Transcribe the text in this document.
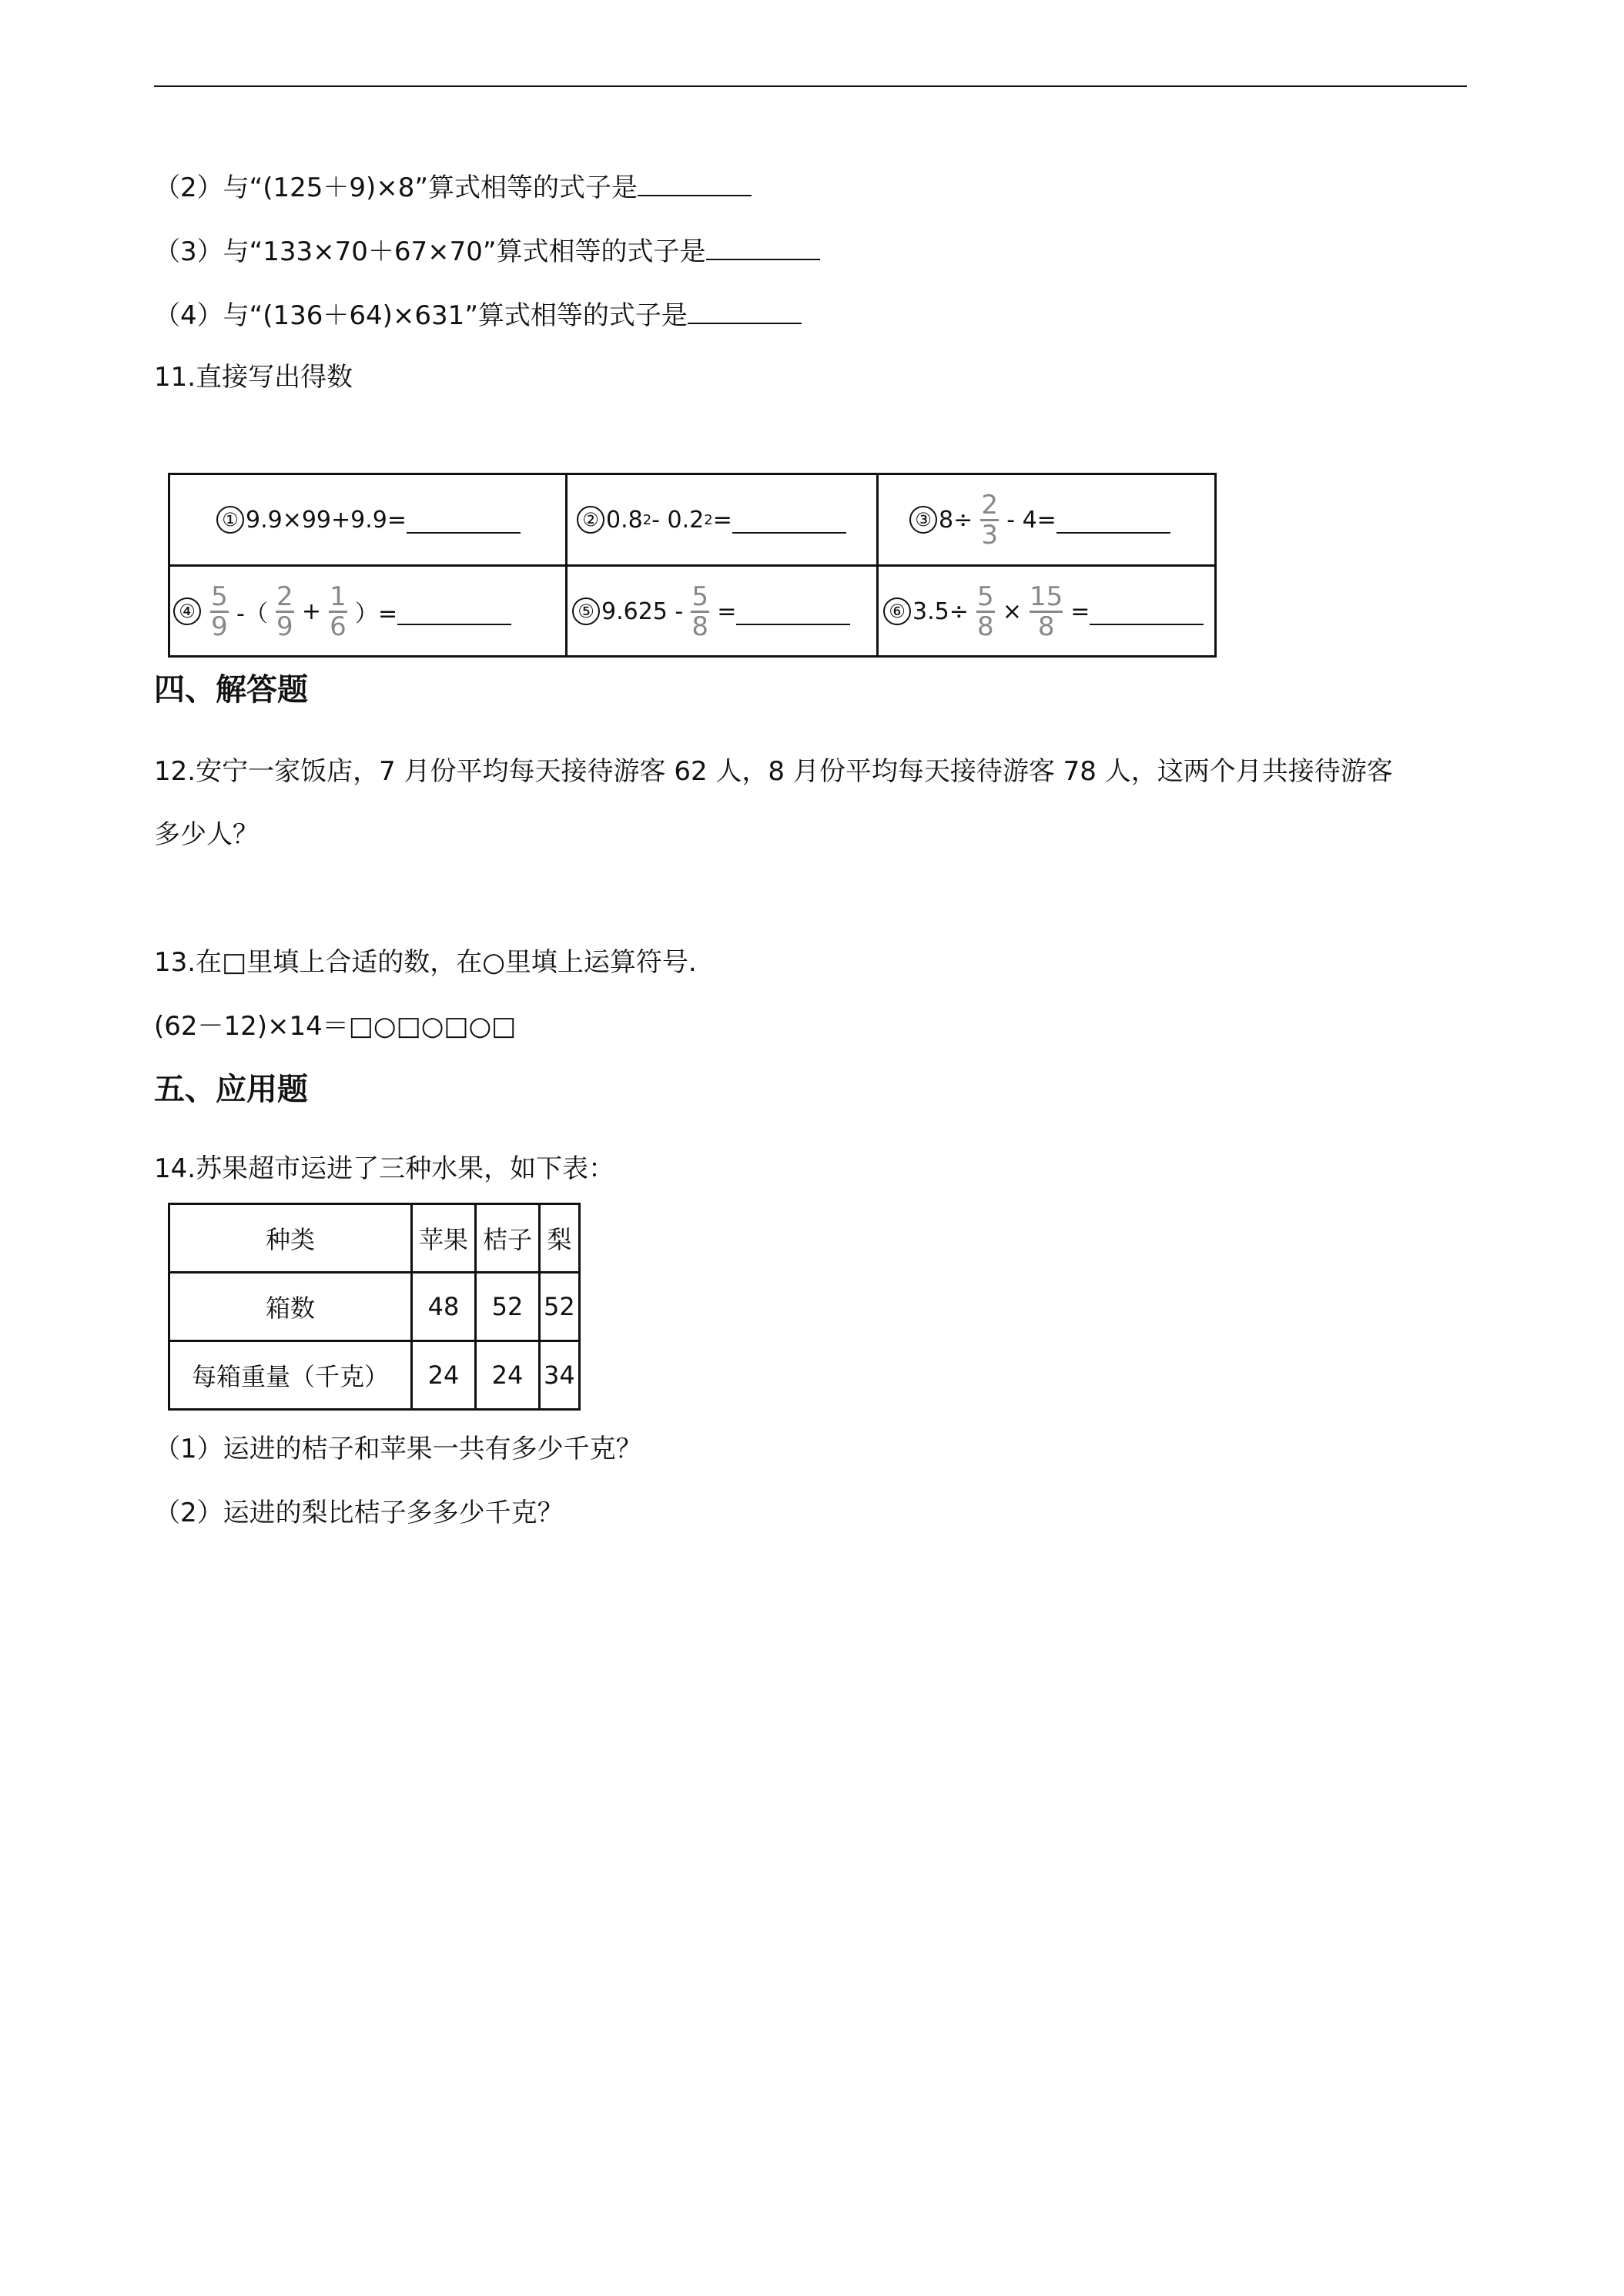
（2）与“(125＋9)×8”算式相等的式子是
（3）与“133×70＋67×70”算式相等的式子是
（4）与“(136＋64)×631”算式相等的式子是
11.直接写出得数
① 9.9×99+9.9=	② 0.8 2 - 0.2 2 =	③ $8\div \frac{2}{3} - 4=$
④ $\frac{5}{9}$ -（ $\frac{2}{9} + \frac{1}{6}$ ）=	⑤ $9.625 - \frac{5}{8}$ =	⑥ $3.5\div \frac{5}{8} \times \frac{15}{8}$ =
四、解答题
12.安宁一家饭店，7 月份平均每天接待游客 62 人，8 月份平均每天接待游客 78 人，这两个月共接待游客
多少人？
13.在□里填上合适的数，在○里填上运算符号.
(62－12)×14＝□○□○□○□
五、应用题
14.苏果超市运进了三种水果，如下表：
种类	苹果	桔子	梨
箱数	48	52	52
每箱重量（千克）	24	24	34
（1）运进的桔子和苹果一共有多少千克？
（2）运进的梨比桔子多多少千克？
